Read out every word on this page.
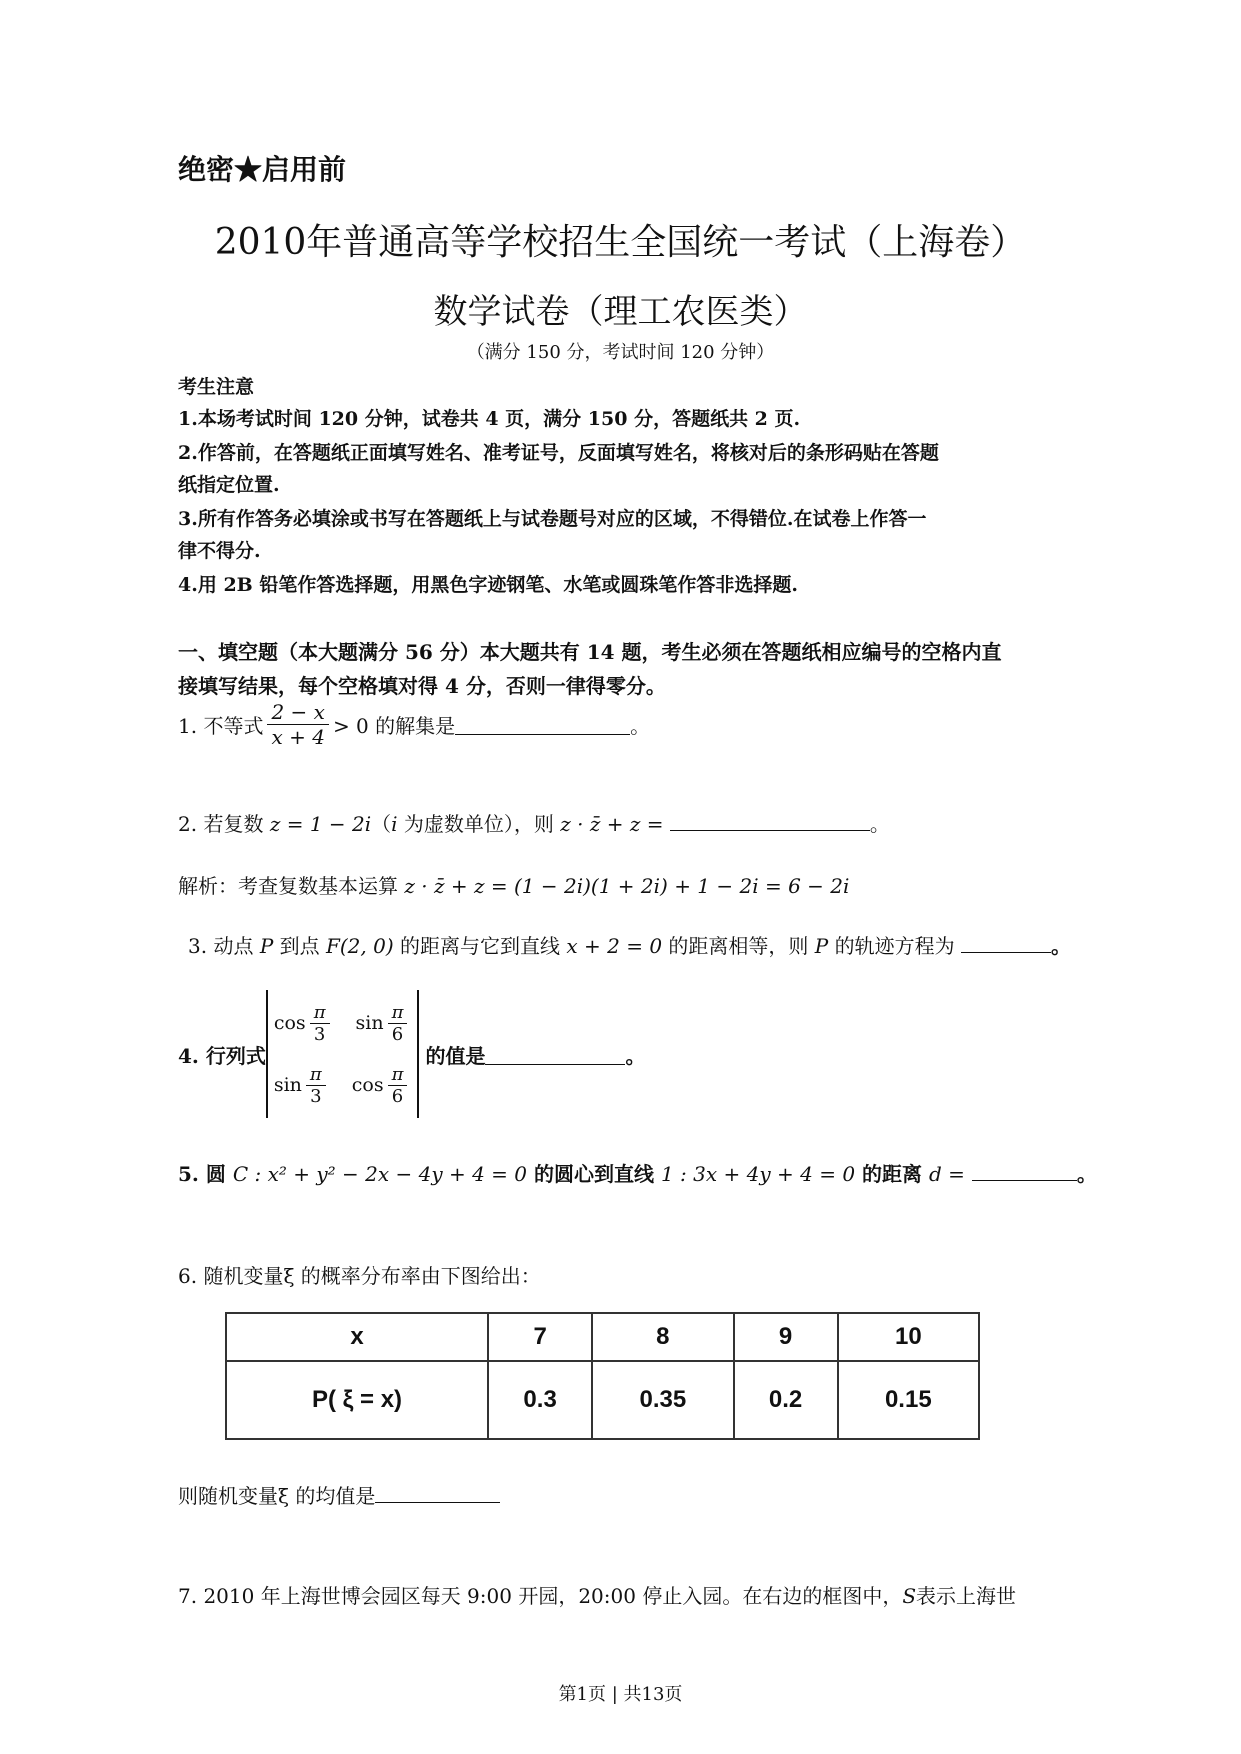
绝密★启用前
2010年普通高等学校招生全国统一考试（上海卷）
数学试卷（理工农医类）
（满分 150 分，考试时间 120 分钟）
考生注意
1.本场考试时间 120 分钟，试卷共 4 页，满分 150 分，答题纸共 2 页.
2.作答前，在答题纸正面填写姓名、准考证号，反面填写姓名，将核对后的条形码贴在答题
纸指定位置.
3.所有作答务必填涂或书写在答题纸上与试卷题号对应的区域，不得错位.在试卷上作答一
律不得分.
4.用 2B 铅笔作答选择题，用黑色字迹钢笔、水笔或圆珠笔作答非选择题.
一、填空题（本大题满分 56 分）本大题共有 14 题，考生必须在答题纸相应编号的空格内直
接填写结果，每个空格填对得 4 分，否则一律得零分。
1. 不等式 $\frac{2 - x}{x + 4} > 0$ 的解集是	。
2. 若复数 z = 1 − 2i（i 为虚数单位），则 z · z̄ + z =	。
解析：考查复数基本运算 z · z̄ + z = (1 − 2i)(1 + 2i) + 1 − 2i = 6 − 2i
3. 动点 P 到点 F(2, 0) 的距离与它到直线 x + 2 = 0 的距离相等，则 P 的轨迹方程为	。
4. 行列式
$\cos \frac{\pi}{3}$ $\sin \frac{\pi}{6}$
$\sin \frac{\pi}{3}$ $\cos \frac{\pi}{6}$
的值是	。
5. 圆 C : x² + y² − 2x − 4y + 4 = 0 的圆心到直线 1 : 3x + 4y + 4 = 0 的距离 d =	。
6. 随机变量ξ 的概率分布率由下图给出：
x	7	8	9	10
P( ξ = x)	0.3	0.35	0.2	0.15
则随机变量ξ 的均值是
7. 2010 年上海世博会园区每天 9:00 开园，20:00 停止入园。在右边的框图中，S表示上海世
第1页 | 共13页
